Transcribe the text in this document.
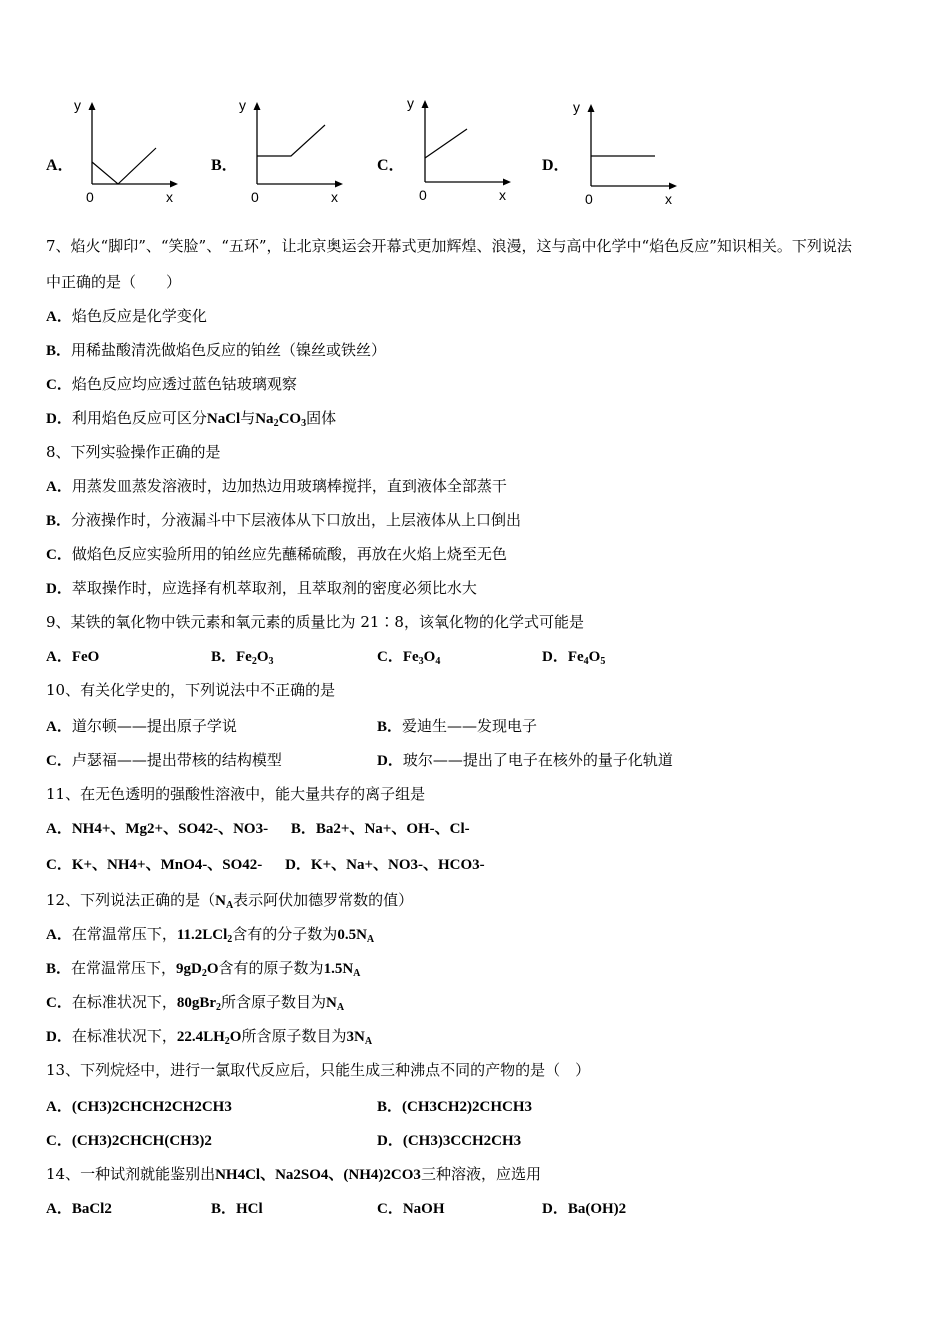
A．
y
x
0
B．
y
x
0
C．
y
x
0
D．
y
x
0
7、焰火“脚印”、“笑脸”、“五环”，让北京奥运会开幕式更加辉煌、浪漫，这与高中化学中“焰色反应”知识相关。下列说法
中正确的是（　　）
A．焰色反应是化学变化
B．用稀盐酸清洗做焰色反应的铂丝（镍丝或铁丝）
C．焰色反应均应透过蓝色钴玻璃观察
D．利用焰色反应可区分NaCl与$Na_2CO_3$固体
8、下列实验操作正确的是
A．用蒸发皿蒸发溶液时，边加热边用玻璃棒搅拌，直到液体全部蒸干
B．分液操作时，分液漏斗中下层液体从下口放出，上层液体从上口倒出
C．做焰色反应实验所用的铂丝应先蘸稀硫酸，再放在火焰上烧至无色
D．萃取操作时，应选择有机萃取剂，且萃取剂的密度必须比水大
9、某铁的氧化物中铁元素和氧元素的质量比为 21∶8，该氧化物的化学式可能是
A．FeO	B．$Fe_2O_3$	C．$Fe_3O_4$	D．$Fe_4O_5$
10、有关化学史的，下列说法中不正确的是
A．道尔顿——提出原子学说	B．爱迪生——发现电子
C．卢瑟福——提出带核的结构模型	D．玻尔——提出了电子在核外的量子化轨道
11、在无色透明的强酸性溶液中，能大量共存的离子组是
A．NH4+、Mg2+、SO42-、NO3- B．Ba2+、Na+、OH-、Cl-
C．K+、NH4+、MnO4-、SO42- D．K+、Na+、NO3-、HCO3-
12、下列说法正确的是（$N_A$表示阿伏加德罗常数的值）
A．在常温常压下，11.2LCl$_2$含有的分子数为$0.5N_A$
B．在常温常压下，$9gD_2O$含有的原子数为$1.5N_A$
C．在标准状况下，80gBr$_2$所含原子数目为$N_A$
D．在标准状况下，$22.4LH_2O$所含原子数目为$3N_A$
13、下列烷烃中，进行一氯取代反应后，只能生成三种沸点不同的产物的是（　）
A．(CH3)2CHCH2CH2CH3	B．(CH3CH2)2CHCH3
C．(CH3)2CHCH(CH3)2	D．(CH3)3CCH2CH3
14、一种试剂就能鉴别出NH4Cl、Na2SO4、(NH4)2CO3三种溶液，应选用
A．BaCl2	B．HCl	C．NaOH	D．Ba(OH)2
